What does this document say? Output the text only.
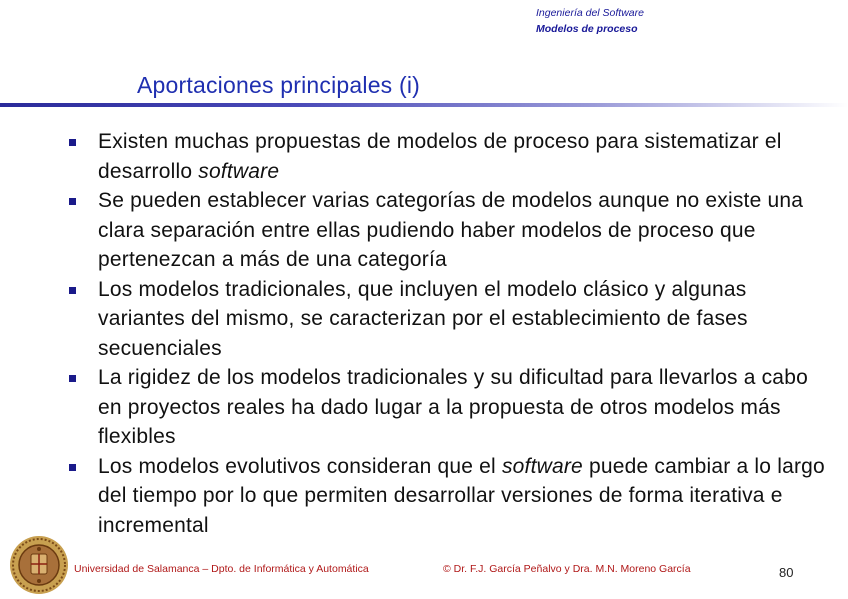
Ingeniería del Software
Modelos de proceso
Aportaciones principales (i)
Existen muchas propuestas de modelos de proceso para sistematizar el desarrollo software
Se pueden establecer varias categorías de modelos aunque no existe una clara separación entre ellas pudiendo haber modelos de proceso que pertenezcan a más de una categoría
Los modelos tradicionales, que incluyen el modelo clásico y algunas variantes del mismo, se caracterizan por el establecimiento de fases secuenciales
La rigidez de los modelos tradicionales y su dificultad para llevarlos a cabo en proyectos reales ha dado lugar a la propuesta de otros modelos más flexibles
Los modelos evolutivos consideran que el software puede cambiar a lo largo del tiempo por lo que permiten desarrollar versiones de forma iterativa e incremental
Universidad de Salamanca – Dpto. de Informática y Automática	© Dr. F.J. García Peñalvo y Dra. M.N. Moreno García	80
